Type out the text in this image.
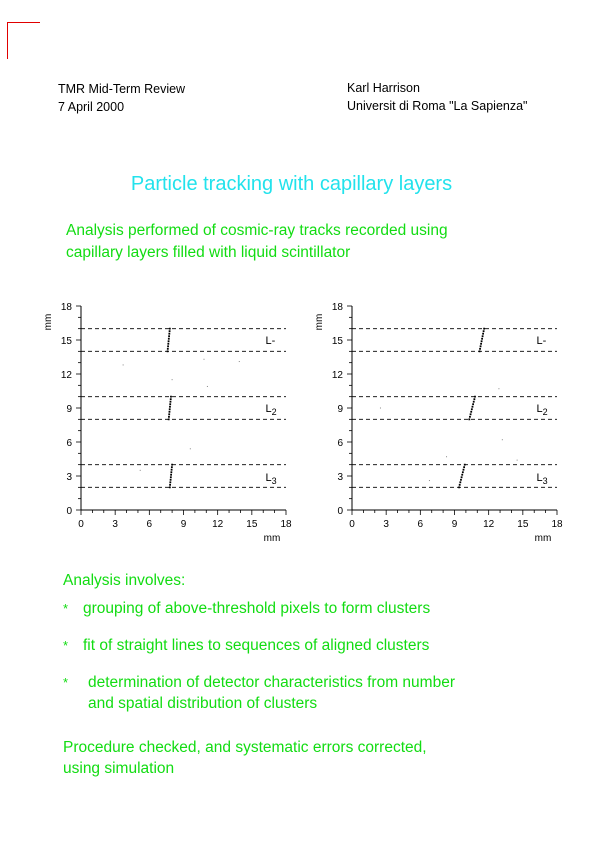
TMR Mid-Term Review
7 April 2000
Karl Harrison
Universit di Roma "La Sapienza"
Particle tracking with capillary layers
Analysis performed of cosmic-ray tracks recorded using
capillary layers filled with liquid scintillator
0	3	6	9	12 15 18
0
3
6
9
12
15
18
mm
mm
L-
$L_2$
$L_3$
0	3	6	9	12 15 18
0
3
6
9
12
15
18
mm
mm
L-
$L_2$
$L_3$
Analysis involves:
* grouping of above-threshold pixels to form clusters
* fit of straight lines to sequences of aligned clusters
*	determination of detector characteristics from number
and spatial distribution of clusters
Procedure checked, and systematic errors corrected,
using simulation
